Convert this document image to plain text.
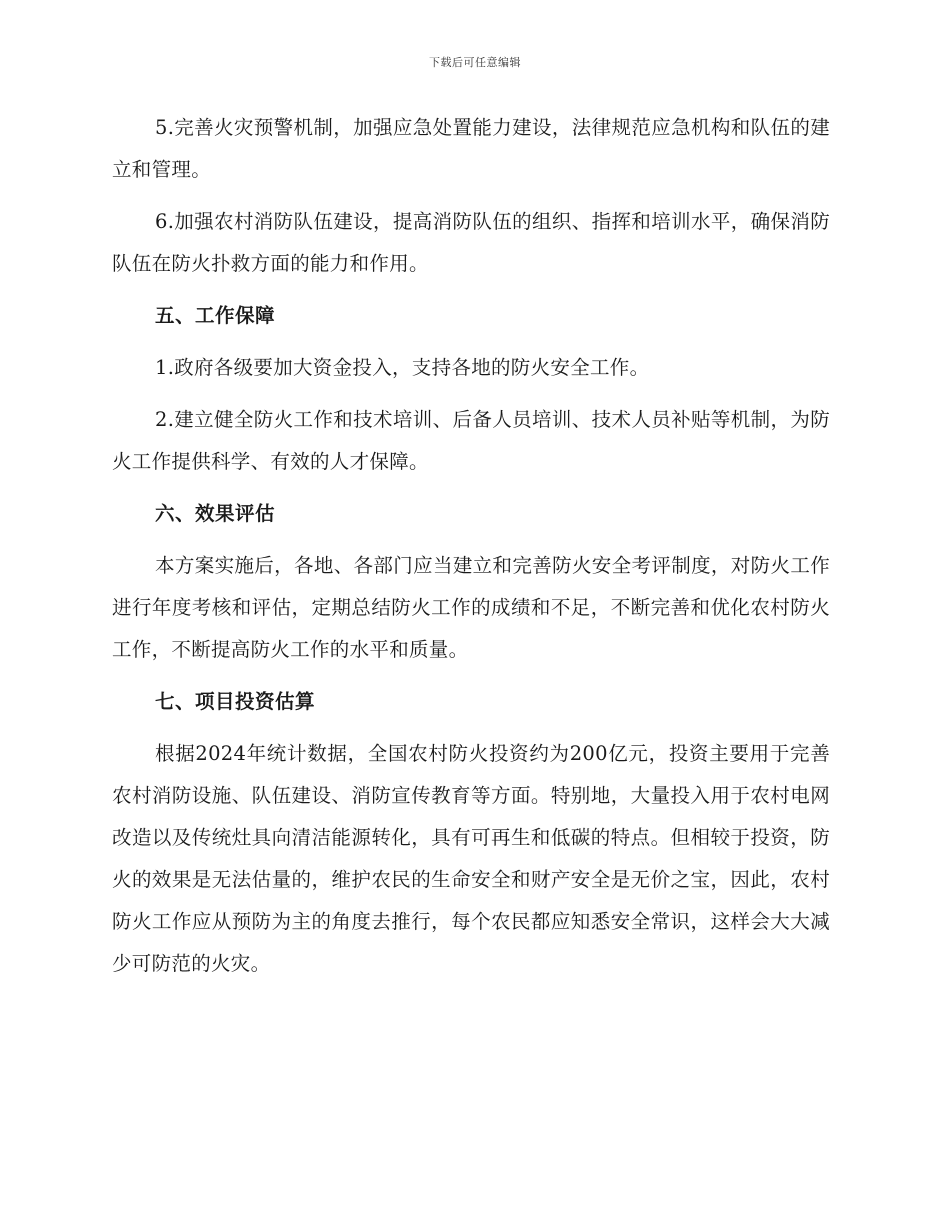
下载后可任意编辑

5.完善火灾预警机制，加强应急处置能力建设，法律规范应急机构和队伍的建立和管理。

6.加强农村消防队伍建设，提高消防队伍的组织、指挥和培训水平，确保消防队伍在防火扑救方面的能力和作用。

五、工作保障

1.政府各级要加大资金投入，支持各地的防火安全工作。

2.建立健全防火工作和技术培训、后备人员培训、技术人员补贴等机制，为防火工作提供科学、有效的人才保障。

六、效果评估

本方案实施后，各地、各部门应当建立和完善防火安全考评制度，对防火工作进行年度考核和评估，定期总结防火工作的成绩和不足，不断完善和优化农村防火工作，不断提高防火工作的水平和质量。

七、项目投资估算

根据2024年统计数据，全国农村防火投资约为200亿元，投资主要用于完善农村消防设施、队伍建设、消防宣传教育等方面。特别地，大量投入用于农村电网改造以及传统灶具向清洁能源转化，具有可再生和低碳的特点。但相较于投资，防火的效果是无法估量的，维护农民的生命安全和财产安全是无价之宝，因此，农村防火工作应从预防为主的角度去推行，每个农民都应知悉安全常识，这样会大大减少可防范的火灾。
